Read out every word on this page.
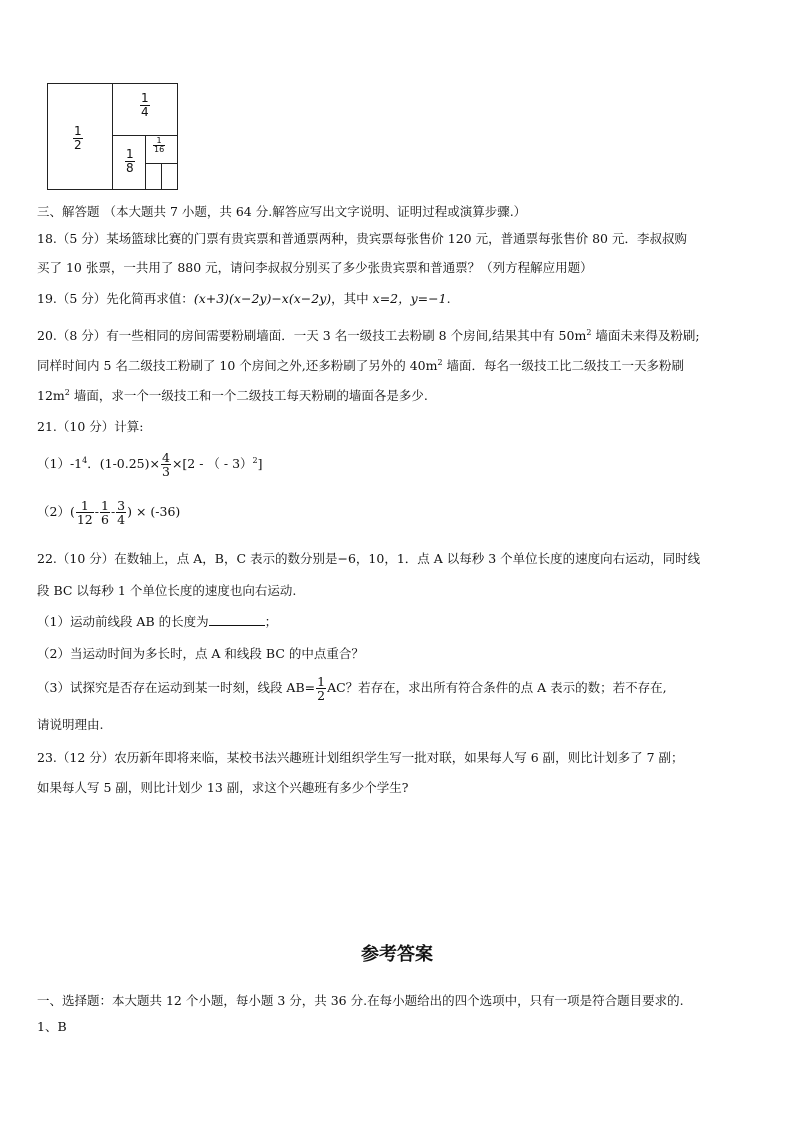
$\frac{1}{2}$
$\frac{1}{4}$
$\frac{1}{8}$
$\frac{1}{16}$
三、解答题 （本大题共 7 小题，共 64 分.解答应写出文字说明、证明过程或演算步骤.）
18.（5 分）某场篮球比赛的门票有贵宾票和普通票两种，贵宾票每张售价 120 元，普通票每张售价 80 元．李叔叔购
买了 10 张票，一共用了 880 元，请问李叔叔分别买了多少张贵宾票和普通票？（列方程解应用题）
19.（5 分）先化简再求值：(x+3)(x−2y)−x(x−2y)，其中 x=2，y=−1.
20.（8 分）有一些相同的房间需要粉刷墙面．一天 3 名一级技工去粉刷 8 个房间,结果其中有 $50m^2$ 墙面未来得及粉刷;
同样时间内 5 名二级技工粉刷了 10 个房间之外,还多粉刷了另外的 $40m^2$ 墙面．每名一级技工比二级技工一天多粉刷
$12m^2$ 墙面，求一个一级技工和一个二级技工每天粉刷的墙面各是多少.
21.（10 分）计算:
$(1)-1^4$．$(1-0.25)\times \frac{4}{3} \times[2$ - （ - 3）$^2$]
$(2)( \frac{1}{12} - \frac{1}{6} - \frac{3}{4}$ ) × (-36)
22.（10 分）在数轴上，点 A，B，C 表示的数分别是−6，10，1．点 A 以每秒 3 个单位长度的速度向右运动，同时线
段 BC 以每秒 1 个单位长度的速度也向右运动.
（1）运动前线段 AB 的长度为	；
（2）当运动时间为多长时，点 A 和线段 BC 的中点重合？
（3）试探究是否存在运动到某一时刻，线段 $AB= \frac{1}{2}$ AC？若存在，求出所有符合条件的点 A 表示的数；若不存在,
请说明理由.
23.（12 分）农历新年即将来临，某校书法兴趣班计划组织学生写一批对联，如果每人写 6 副，则比计划多了 7 副；
如果每人写 5 副，则比计划少 13 副，求这个兴趣班有多少个学生?
参考答案
一、选择题：本大题共 12 个小题，每小题 3 分，共 36 分.在每小题给出的四个选项中，只有一项是符合题目要求的.
1、B
